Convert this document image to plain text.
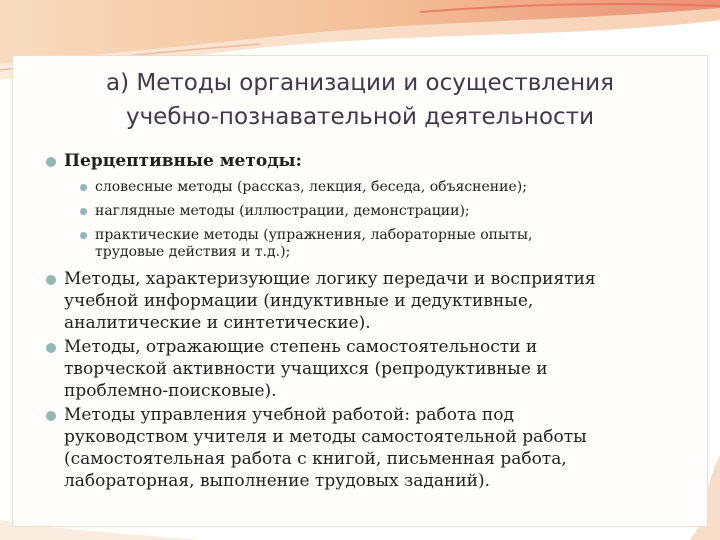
а) Методы организации и осуществления
учебно-познавательной деятельности
Перцептивные методы:
словесные методы (рассказ, лекция, беседа, объяснение);
наглядные методы (иллюстрации, демонстрации);
практические методы (упражнения, лабораторные опыты,
трудовые действия и т.д.);
Методы, характеризующие логику передачи и восприятия
учебной информации (индуктивные и дедуктивные,
аналитические и синтетические).
Методы, отражающие степень самостоятельности и
творческой активности учащихся (репродуктивные и
проблемно-поисковые).
Методы управления учебной работой: работа под
руководством учителя и методы самостоятельной работы
(самостоятельная работа с книгой, письменная работа,
лабораторная, выполнение трудовых заданий).
